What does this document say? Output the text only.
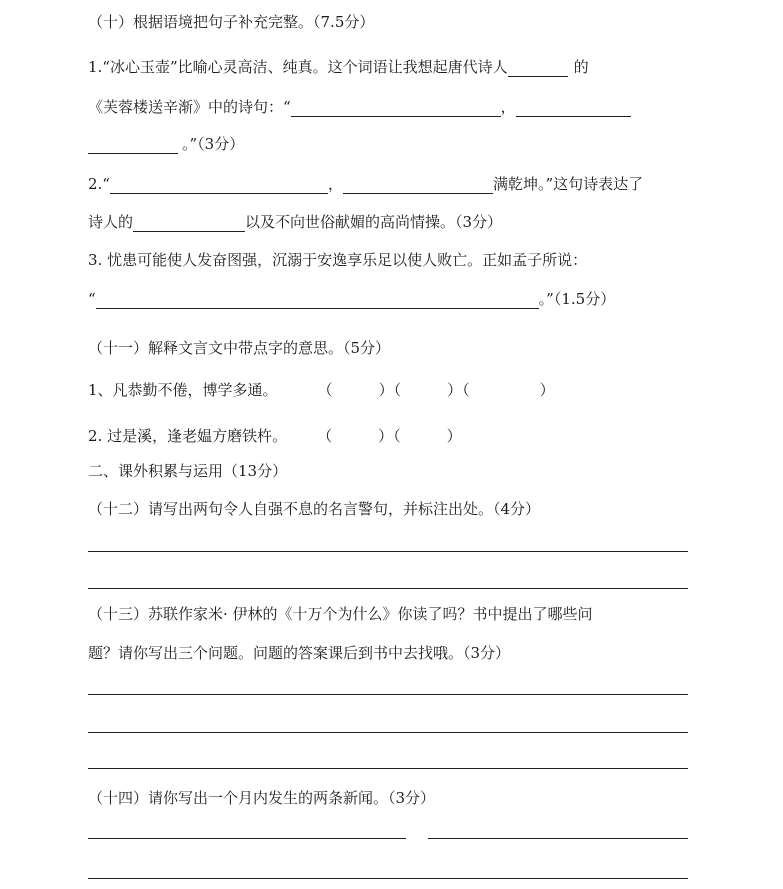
（十）根据语境把句子补充完整。（7.5分）
1.“冰心玉壶”比喻心灵高洁、纯真。这个词语让我想起唐代诗人	的
《芙蓉楼送辛渐》中的诗句：“	，
。”（3分）
2.“	，	满乾坤。”这句诗表达了
诗人的	以及不向世俗献媚的高尚情操。（3分）
3. 忧患可能使人发奋图强，沉溺于安逸享乐足以使人败亡。正如孟子所说：
“	。”（1.5分）
（十一）解释文言文中带点字的意思。（5分）
1、凡恭勤不倦，博学多通。	（	）（	）（	）
2. 过是溪，逢老媪方磨铁杵。 （	）（	）
二、课外积累与运用（13分）
（十二）请写出两句令人自强不息的名言警句，并标注出处。（4分）
（十三）苏联作家米· 伊林的《十万个为什么》你读了吗？书中提出了哪些问
题？请你写出三个问题。问题的答案课后到书中去找哦。（3分）
（十四）请你写出一个月内发生的两条新闻。（3分）
